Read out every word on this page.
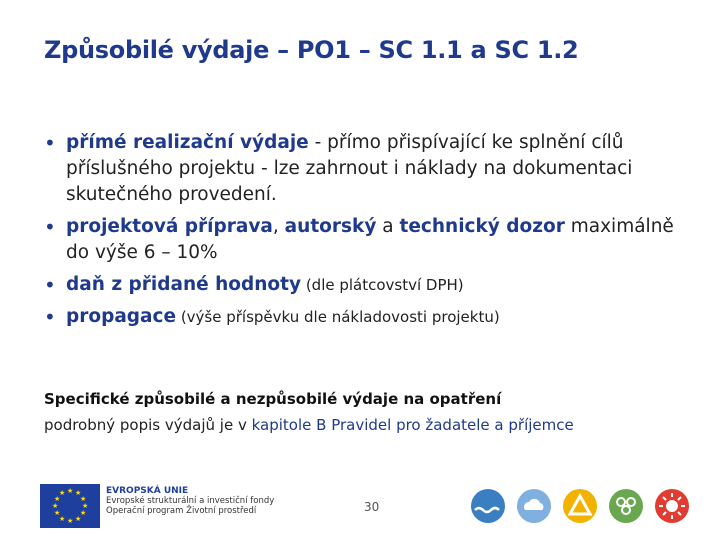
Způsobilé výdaje – PO1 – SC 1.1 a SC 1.2
• přímé realizační výdaje - přímo přispívající ke splnění cílů příslušného projektu - lze zahrnout i náklady na dokumentaci skutečného provedení.
• projektová příprava, autorský a technický dozor maximálně do výše 6 – 10%
• daň z přidané hodnoty (dle plátcovství DPH)
• propagace (výše příspěvku dle nákladovosti projektu)
Specifické způsobilé a nezpůsobilé výdaje na opatření
podrobný popis výdajů je v kapitole B Pravidel pro žadatele a příjemce
★ ★
★
★
★
★
★
★
★
★
★
★	EVROPSKÁ UNIE
Evropské strukturální a investiční fondy
Operační program Životní prostředí	30
